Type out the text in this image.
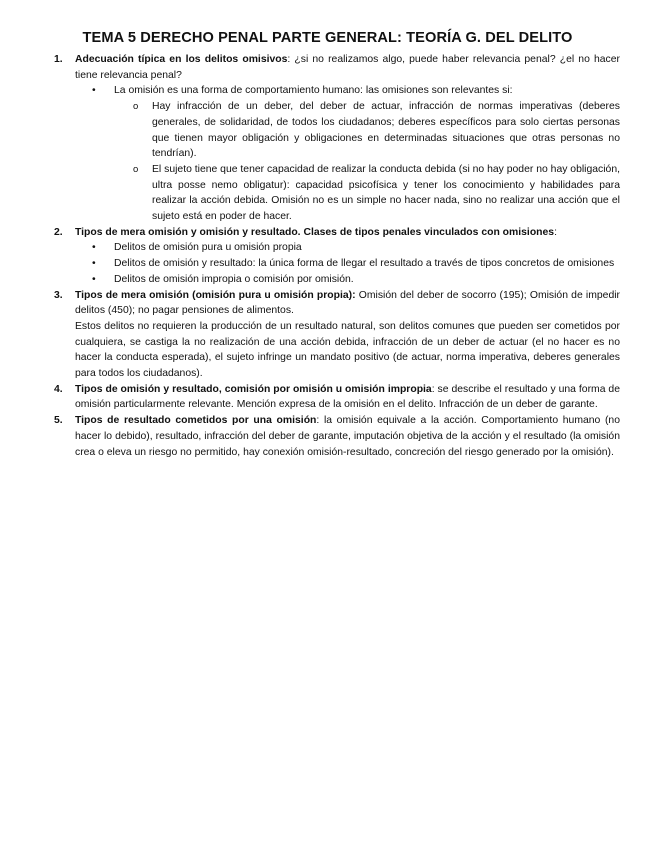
TEMA 5 DERECHO PENAL PARTE GENERAL: TEORÍA G. DEL DELITO
1. Adecuación típica en los delitos omisivos: ¿si no realizamos algo, puede haber relevancia penal? ¿el no hacer tiene relevancia penal?
• La omisión es una forma de comportamiento humano: las omisiones son relevantes si:
o Hay infracción de un deber, del deber de actuar, infracción de normas imperativas (deberes generales, de solidaridad, de todos los ciudadanos; deberes específicos para solo ciertas personas que tienen mayor obligación y obligaciones en determinadas situaciones que otras personas no tendrían).
o El sujeto tiene que tener capacidad de realizar la conducta debida (si no hay poder no hay obligación, ultra posse nemo obligatur): capacidad psicofísica y tener los conocimiento y habilidades para realizar la acción debida. Omisión no es un simple no hacer nada, sino no realizar una acción que el sujeto está en poder de hacer.
2. Tipos de mera omisión y omisión y resultado. Clases de tipos penales vinculados con omisiones:
• Delitos de omisión pura u omisión propia
• Delitos de omisión y resultado: la única forma de llegar el resultado a través de tipos concretos de omisiones
• Delitos de omisión impropia o comisión por omisión.
3. Tipos de mera omisión (omisión pura u omisión propia): Omisión del deber de socorro (195); Omisión de impedir delitos (450); no pagar pensiones de alimentos.
Estos delitos no requieren la producción de un resultado natural, son delitos comunes que pueden ser cometidos por cualquiera, se castiga la no realización de una acción debida, infracción de un deber de actuar (el no hacer es no hacer la conducta esperada), el sujeto infringe un mandato positivo (de actuar, norma imperativa, deberes generales para todos los ciudadanos).
4. Tipos de omisión y resultado, comisión por omisión u omisión impropia: se describe el resultado y una forma de omisión particularmente relevante. Mención expresa de la omisión en el delito. Infracción de un deber de garante.
5. Tipos de resultado cometidos por una omisión: la omisión equivale a la acción. Comportamiento humano (no hacer lo debido), resultado, infracción del deber de garante, imputación objetiva de la acción y el resultado (la omisión crea o eleva un riesgo no permitido, hay conexión omisión-resultado, concreción del riesgo generado por la omisión).
